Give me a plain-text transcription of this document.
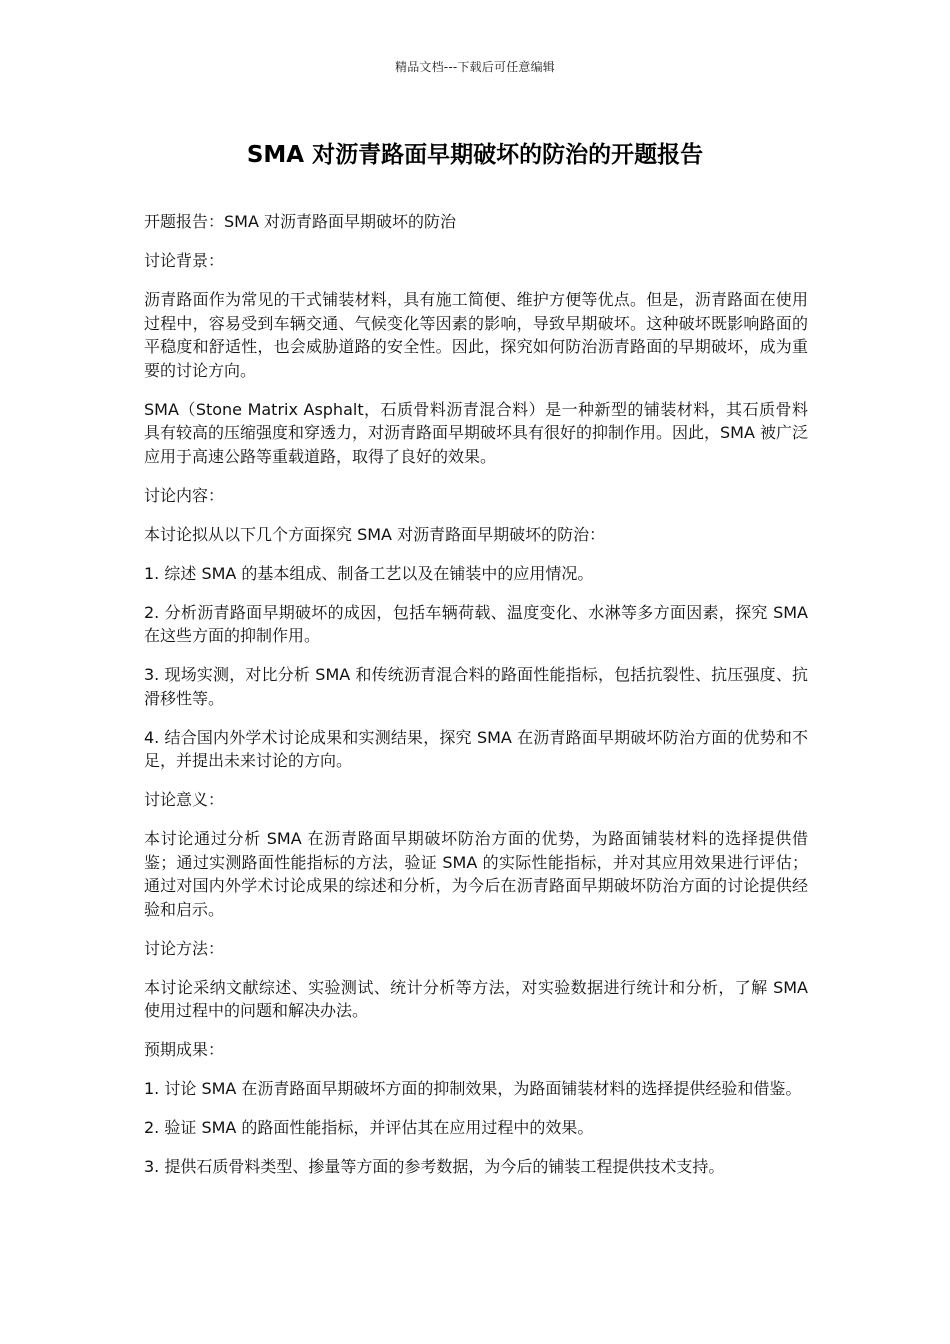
精品文档---下载后可任意编辑
SMA 对沥青路面早期破坏的防治的开题报告

开题报告：SMA 对沥青路面早期破坏的防治

讨论背景：

沥青路面作为常见的干式铺装材料，具有施工简便、维护方便等优点。但是，沥青路面在使用过程中，容易受到车辆交通、气候变化等因素的影响，导致早期破坏。这种破坏既影响路面的平稳度和舒适性，也会威胁道路的安全性。因此，探究如何防治沥青路面的早期破坏，成为重要的讨论方向。

SMA（Stone Matrix Asphalt，石质骨料沥青混合料）是一种新型的铺装材料，其石质骨料具有较高的压缩强度和穿透力，对沥青路面早期破坏具有很好的抑制作用。因此，SMA 被广泛应用于高速公路等重载道路，取得了良好的效果。

讨论内容：

本讨论拟从以下几个方面探究 SMA 对沥青路面早期破坏的防治：

1. 综述 SMA 的基本组成、制备工艺以及在铺装中的应用情况。

2. 分析沥青路面早期破坏的成因，包括车辆荷载、温度变化、水淋等多方面因素，探究 SMA 在这些方面的抑制作用。

3. 现场实测，对比分析 SMA 和传统沥青混合料的路面性能指标，包括抗裂性、抗压强度、抗滑移性等。

4. 结合国内外学术讨论成果和实测结果，探究 SMA 在沥青路面早期破坏防治方面的优势和不足，并提出未来讨论的方向。

讨论意义：

本讨论通过分析 SMA 在沥青路面早期破坏防治方面的优势，为路面铺装材料的选择提供借鉴；通过实测路面性能指标的方法，验证 SMA 的实际性能指标，并对其应用效果进行评估；通过对国内外学术讨论成果的综述和分析，为今后在沥青路面早期破坏防治方面的讨论提供经验和启示。

讨论方法：

本讨论采纳文献综述、实验测试、统计分析等方法，对实验数据进行统计和分析，了解 SMA 使用过程中的问题和解决办法。

预期成果：

1. 讨论 SMA 在沥青路面早期破坏方面的抑制效果，为路面铺装材料的选择提供经验和借鉴。

2. 验证 SMA 的路面性能指标，并评估其在应用过程中的效果。

3. 提供石质骨料类型、掺量等方面的参考数据，为今后的铺装工程提供技术支持。
